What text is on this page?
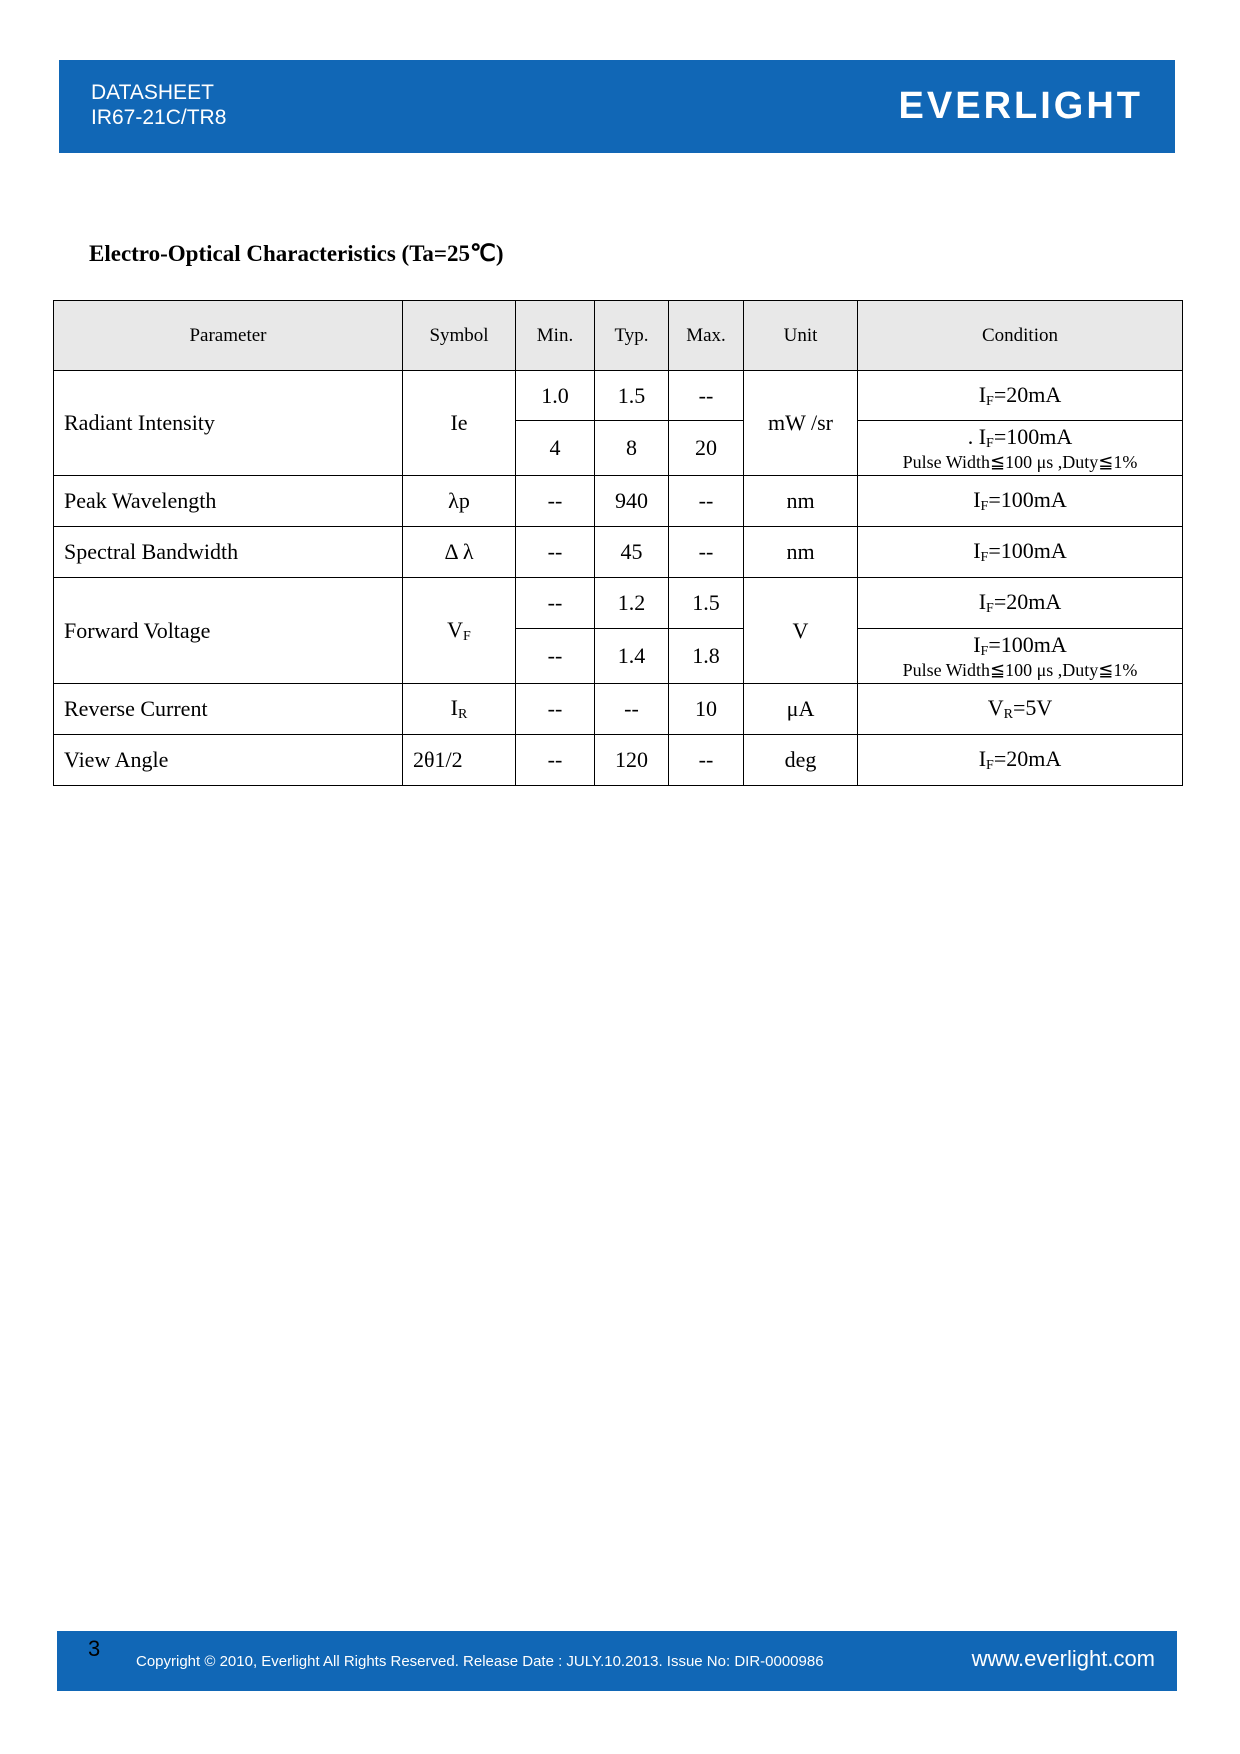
DATASHEET
IR67-21C/TR8	EVERLIGHT
Electro-Optical Characteristics (Ta=25℃)
Parameter	Symbol	Min.	Typ.	Max.	Unit	Condition
Radiant Intensity	Ie	1.0	1.5	--	mW /sr	$I_F=20mA$
		4	8	20		. $I_F=100mA$
Pulse Width≦100 μs ,Duty≦1%

Peak Wavelength	λp	--	940	--	nm	$I_F=100mA$
Spectral Bandwidth	Δ λ	--	45	--	nm	$I_F=100mA$
Forward Voltage	$V_F$	--	1.2	1.5	V	$I_F=20mA$
		--	1.4	1.8		$I_F=100mA$
Pulse Width≦100 μs ,Duty≦1%

Reverse Current	$I_R$	--	--	10	μA	$V_R=5V$
View Angle	2θ1/2	--	120	--	deg	$I_F=20mA$
3
Copyright © 2010, Everlight All Rights Reserved. Release Date : JULY.10.2013. Issue No: DIR-0000986	www.everlight.com
